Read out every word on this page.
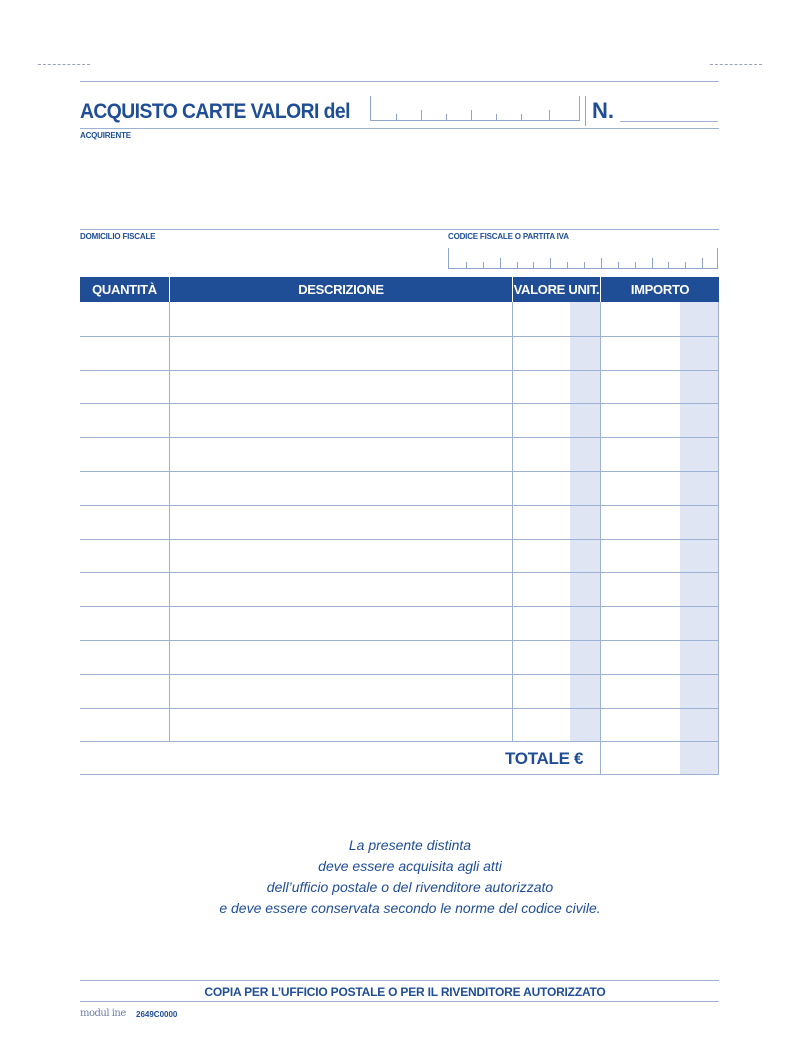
ACQUISTO CARTE VALORI del	N.
ACQUIRENTE
DOMICILIO FISCALE	CODICE FISCALE O PARTITA IVA
QUANTITÀ	DESCRIZIONE	VALORE UNIT.	IMPORTO
TOTALE €
La presente distinta
deve essere acquisita agli atti
dell’ufficio postale o del rivenditore autorizzato
e deve essere conservata secondo le norme del codice civile.
COPIA PER L’UFFICIO POSTALE O PER IL RIVENDITORE AUTORIZZATO
modul ine 2649C0000
